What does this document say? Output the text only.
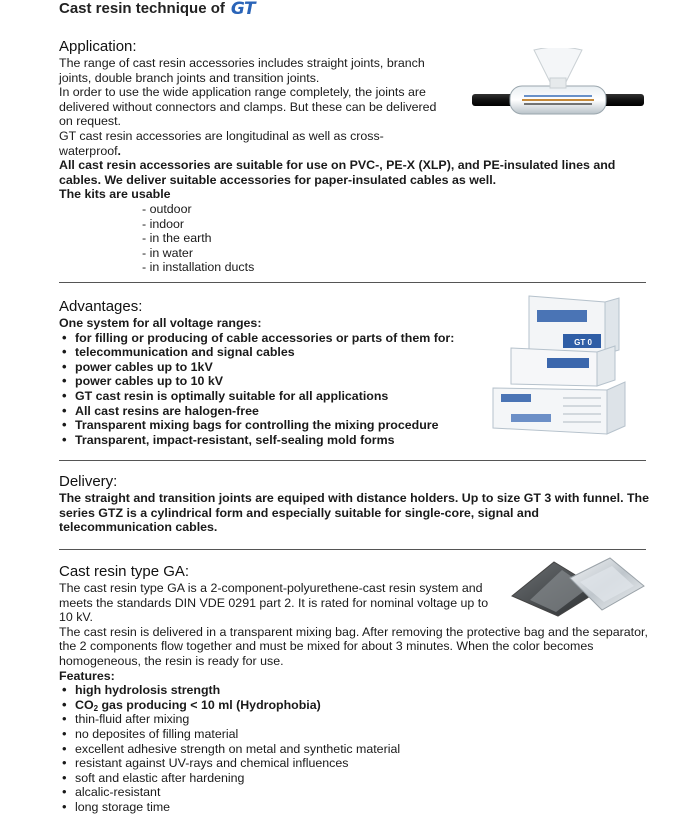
Cast resin technique of GT
Application:

The range of cast resin accessories includes straight joints, branch joints, double branch joints and transition joints.

In order to use the wide application range completely, the joints are delivered without connectors and clamps. But these can be delivered on request.

GT cast resin accessories are longitudinal as well as cross-
waterproof.

All cast resin accessories are suitable for use on PVC-, PE-X (XLP), and PE-insulated lines and cables. We deliver suitable accessories for paper-insulated cables as well.

The kits are usable

- outdoor
- indoor
- in the earth
- in water
- in installation ducts
Advantages:

One system for all voltage ranges:

• for filling or producing of cable accessories or parts of them for:
• telecommunication and signal cables
• power cables up to 1kV
• power cables up to 10 kV
• GT cast resin is optimally suitable for all applications
• All cast resins are halogen-free
• Transparent mixing bags for controlling the mixing procedure
• Transparent, impact-resistant, self-sealing mold forms
GT 0
Delivery:

The straight and transition joints are equiped with distance holders. Up to size GT 3 with funnel. The series GTZ is a cylindrical form and especially suitable for single-core, signal and telecommunication cables.

Cast resin type GA:

The cast resin type GA is a 2-component-polyurethene-cast resin system and meets the standards DIN VDE 0291 part 2. It is rated for nominal voltage up to 10 kV.

The cast resin is delivered in a transparent mixing bag. After removing the protective bag and the separator, the 2 components flow together and must be mixed for about 3 minutes. When the color becomes homogeneous, the resin is ready for use.

Features:

• high hydrolosis strength
• $CO_2$ gas producing < 10 ml (Hydrophobia)
• thin-fluid after mixing
• no deposites of filling material
• excellent adhesive strength on metal and synthetic material
• resistant against UV-rays and chemical influences
• soft and elastic after hardening
• alcalic-resistant
• long storage time
